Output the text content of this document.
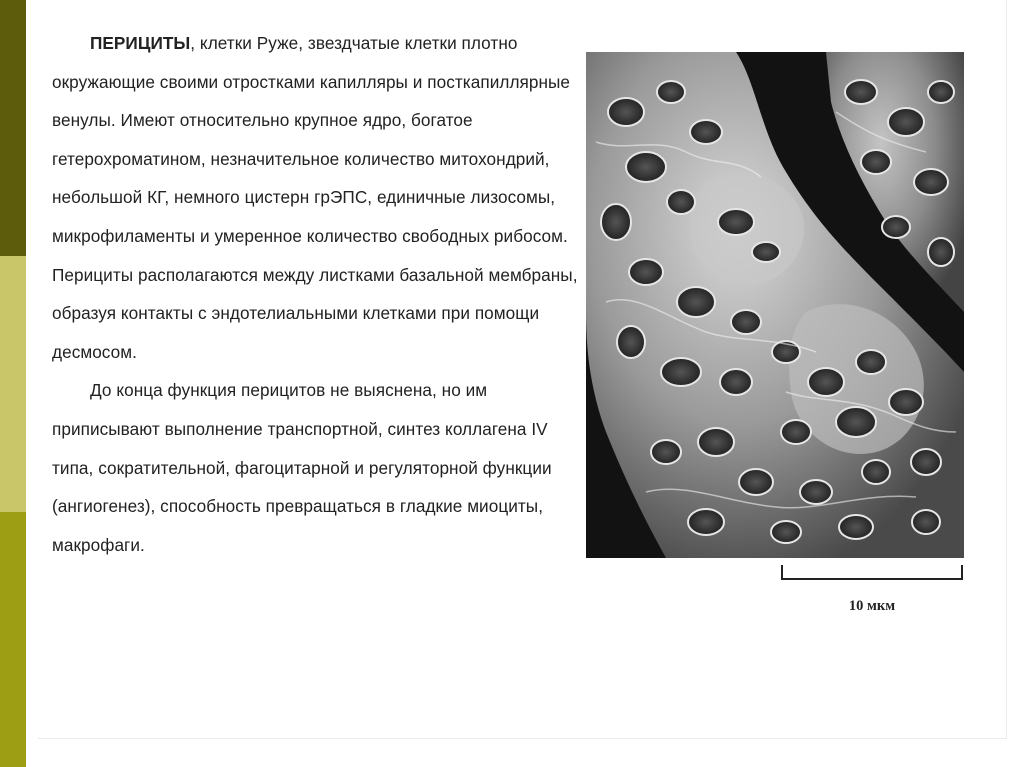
ПЕРИЦИТЫ, клетки Руже, звездчатые клетки плотно окружающие своими отростками капилляры и посткапиллярные венулы. Имеют относительно крупное ядро, богатое гетерохроматином, незначительное количество митохондрий, небольшой КГ, немного цистерн грЭПС, единичные лизосомы, микрофиламенты и умеренное количество свободных рибосом. Перициты располагаются между листками базальной мембраны, образуя контакты с эндотелиальными клетками при помощи десмосом.

До конца функция перицитов не выяснена, но им приписывают выполнение транспортной, синтез коллагена IV типа, сократительной, фагоцитарной и регуляторной функции (ангиогенез), способность превращаться в гладкие миоциты, макрофаги.

10 мкм
